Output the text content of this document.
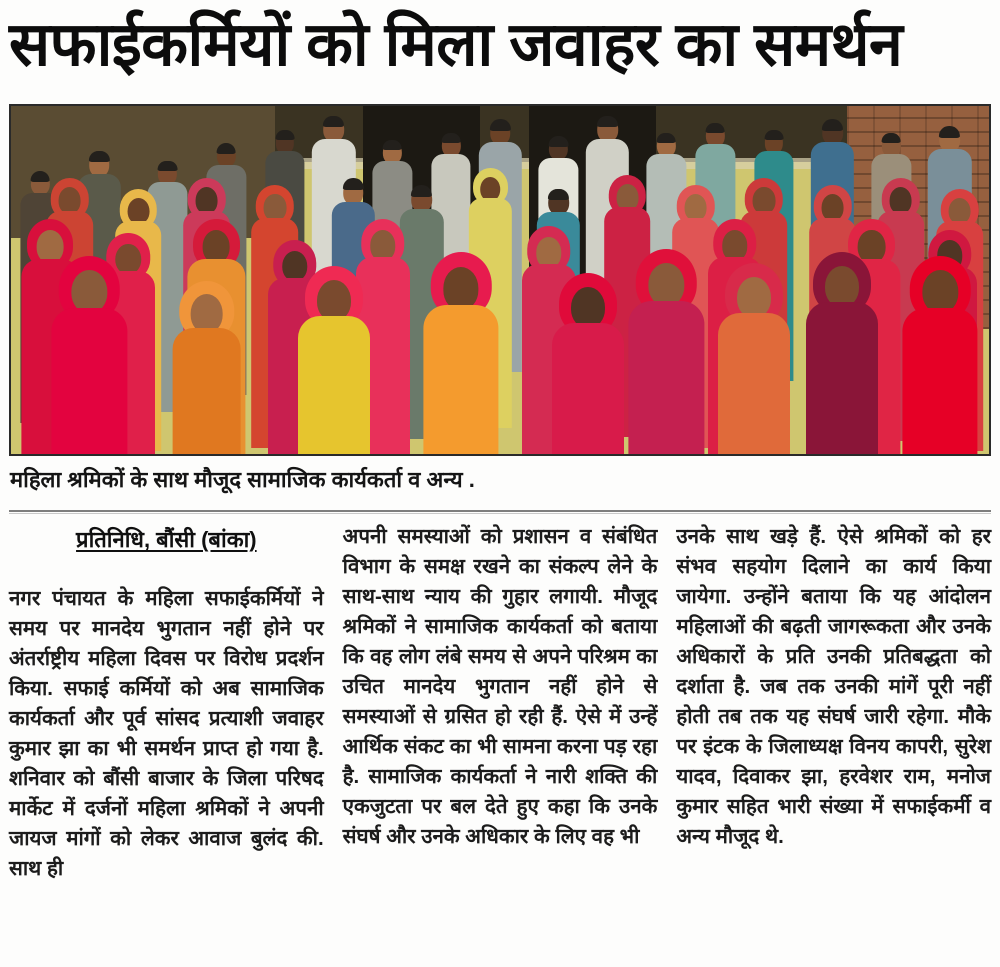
सफाईकर्मियों को मिला जवाहर का समर्थन
महिला श्रमिकों के साथ मौजूद सामाजिक कार्यकर्ता व अन्य .
प्रतिनिधि, बौंसी (बांका)

नगर पंचायत के महिला सफाईकर्मियों ने समय पर मानदेय भुगतान नहीं होने पर अंतर्राष्ट्रीय महिला दिवस पर विरोध प्रदर्शन किया. सफाई कर्मियों को अब सामाजिक कार्यकर्ता और पूर्व सांसद प्रत्याशी जवाहर कुमार झा का भी समर्थन प्राप्त हो गया है. शनिवार को बौंसी बाजार के जिला परिषद मार्केट में दर्जनों महिला श्रमिकों ने अपनी जायज मांगों को लेकर आवाज बुलंद की. साथ ही

अपनी समस्याओं को प्रशासन व संबंधित विभाग के समक्ष रखने का संकल्प लेने के साथ-साथ न्याय की गुहार लगायी. मौजूद श्रमिकों ने सामाजिक कार्यकर्ता को बताया कि वह लोग लंबे समय से अपने परिश्रम का उचित मानदेय भुगतान नहीं होने से समस्याओं से ग्रसित हो रही हैं. ऐसे में उन्हें आर्थिक संकट का भी सामना करना पड़ रहा है. सामाजिक कार्यकर्ता ने नारी शक्ति की एकजुटता पर बल देते हुए कहा कि उनके संघर्ष और उनके अधिकार के लिए वह भी

उनके साथ खड़े हैं. ऐसे श्रमिकों को हर संभव सहयोग दिलाने का कार्य किया जायेगा. उन्होंने बताया कि यह आंदोलन महिलाओं की बढ़ती जागरूकता और उनके अधिकारों के प्रति उनकी प्रतिबद्धता को दर्शाता है. जब तक उनकी मांगें पूरी नहीं होती तब तक यह संघर्ष जारी रहेगा. मौके पर इंटक के जिलाध्यक्ष विनय कापरी, सुरेश यादव, दिवाकर झा, हरवेशर राम, मनोज कुमार सहित भारी संख्या में सफाईकर्मी व अन्य मौजूद थे.
